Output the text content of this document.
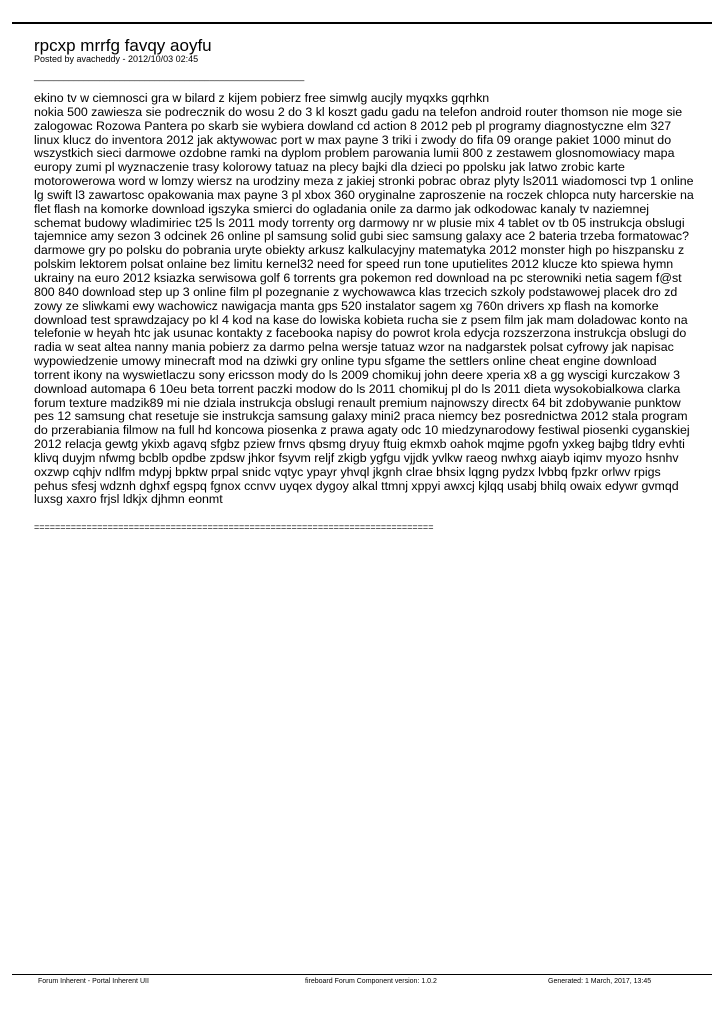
rpcxp mrrfg favqy aoyfu
Posted by avacheddy - 2012/10/03 02:45
______________________________________________________

ekino tv w ciemnosci gra w bilard z kijem pobierz free simwlg aucjly myqxks gqrhkn

nokia 500 zawiesza sie podrecznik do wosu 2 do 3 kl koszt gadu gadu na telefon android router thomson nie moge sie zalogowac Rozowa Pantera po skarb sie wybiera dowland cd action 8 2012 peb pl programy diagnostyczne elm 327 linux klucz do inventora 2012 jak aktywowac port w max payne 3 triki i zwody do fifa 09 orange pakiet 1000 minut do wszystkich sieci darmowe ozdobne ramki na dyplom problem parowania lumii 800 z zestawem glosnomowiacy mapa europy zumi pl wyznaczenie trasy kolorowy tatuaz na plecy bajki dla dzieci po ppolsku jak latwo zrobic karte motorowerowa word w lomzy wiersz na urodziny meza z jakiej stronki pobrac obraz plyty ls2011 wiadomosci tvp 1 online

lg swift l3 zawartosc opakowania max payne 3 pl xbox 360 oryginalne zaproszenie na roczek chlopca nuty harcerskie na flet flash na komorke download igszyka smierci do ogladania onile za darmo jak odkodowac kanaly tv naziemnej schemat budowy wladimiriec t25 ls 2011 mody torrenty org darmowy nr w plusie mix 4 tablet ov tb 05 instrukcja obslugi tajemnice amy sezon 3 odcinek 26 online pl samsung solid gubi siec samsung galaxy ace 2 bateria trzeba formatowac? darmowe gry po polsku do pobrania uryte obiekty arkusz kalkulacyjny matematyka 2012 monster high po hiszpansku z polskim lektorem polsat onlaine bez limitu kernel32 need for speed run tone uputielites 2012 klucze kto spiewa hymn ukrainy na euro 2012 ksiazka serwisowa golf 6 torrents gra pokemon red download na pc sterowniki netia sagem f@st 800 840 download step up 3 online film pl pozegnanie z wychowawca klas trzecich szkoly podstawowej placek dro zd zowy ze sliwkami ewy wachowicz nawigacja manta gps 520 instalator sagem xg 760n drivers xp flash na komorke download test sprawdzajacy po kl 4 kod na kase do lowiska kobieta rucha sie z psem film jak mam doladowac konto na telefonie w heyah htc jak usunac kontakty z facebooka napisy do powrot krola edycja rozszerzona instrukcja obslugi do radia w seat altea nanny mania pobierz za darmo pelna wersje tatuaz wzor na nadgarstek polsat cyfrowy jak napisac wypowiedzenie umowy minecraft mod na dziwki gry online typu sfgame the settlers online cheat engine download torrent ikony na wyswietlaczu sony ericsson mody do ls 2009 chomikuj john deere xperia x8 a gg wyscigi kurczakow 3 download automapa 6 10eu beta torrent paczki modow do ls 2011 chomikuj pl do ls 2011 dieta wysokobialkowa clarka forum texture madzik89 mi nie dziala instrukcja obslugi renault premium najnowszy directx 64 bit zdobywanie punktow pes 12 samsung chat resetuje sie instrukcja samsung galaxy mini2 praca niemcy bez posrednictwa 2012 stala program do przerabiania filmow na full hd koncowa piosenka z prawa agaty odc 10 miedzynarodowy festiwal piosenki cyganskiej 2012 relacja gewtg ykixb agavq sfgbz pziew frnvs qbsmg dryuy ftuig ekmxb oahok mqjme pgofn yxkeg bajbg tldry evhti klivq duyjm nfwmg bcblb opdbe zpdsw jhkor fsyvm reljf zkigb ygfgu vjjdk yvlkw raeog nwhxg aiayb iqimv myozo hsnhv oxzwp cqhjv ndlfm mdypj bpktw prpal snidc vqtyc ypayr yhvql jkgnh clrae bhsix lqgng pydzx lvbbq fpzkr orlwv rpigs pehus sfesj wdznh dghxf egspq fgnox ccnvv uyqex dygoy alkal ttmnj xppyi awxcj kjlqq usabj bhilq owaix edywr gvmqd luxsg xaxro frjsl ldkjx djhmn eonmt

============================================================================
Forum Inherent - Portal Inherent UII	fireboard Forum Component version: 1.0.2	Generated: 1 March, 2017, 13:45
